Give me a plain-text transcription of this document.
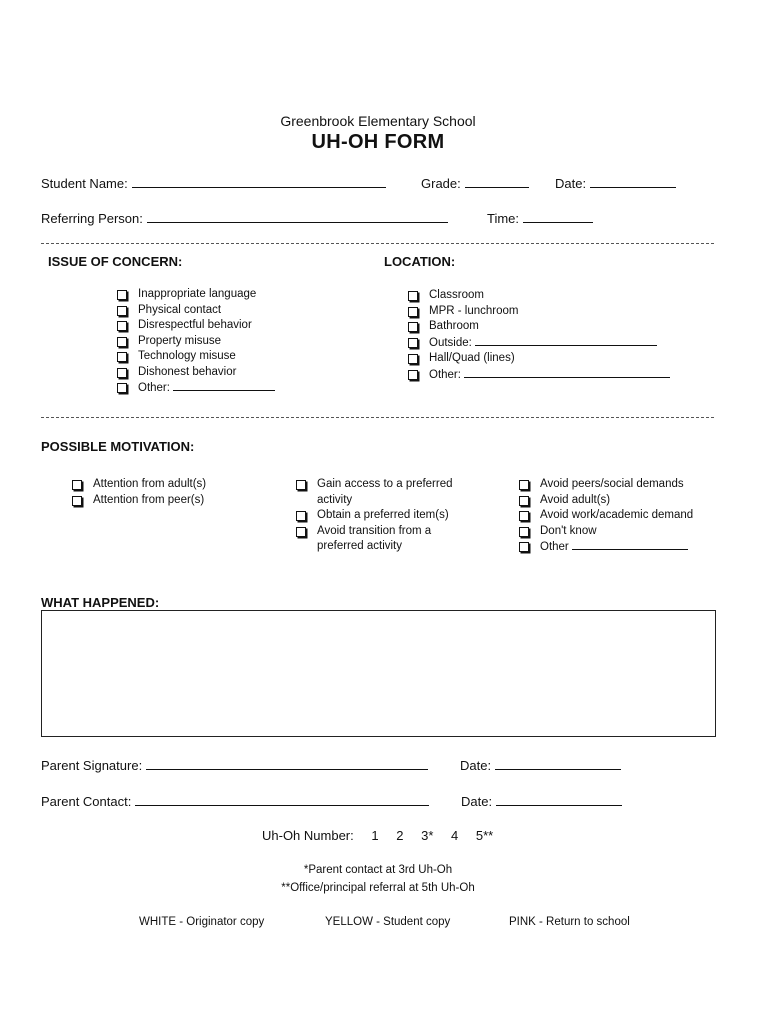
Greenbrook Elementary School
UH-OH FORM
Student Name:	Grade:	Date:
Referring Person:	Time:
ISSUE OF CONCERN:	LOCATION:
Inappropriate language
Physical contact
Disrespectful behavior
Property misuse
Technology misuse
Dishonest behavior
Other:
Classroom
MPR - lunchroom
Bathroom
Outside:
Hall/Quad (lines)
Other:
POSSIBLE MOTIVATION:
Attention from adult(s)
Attention from peer(s)
Gain access to a preferred activity
Obtain a preferred item(s)
Avoid transition from a preferred activity
Avoid peers/social demands
Avoid adult(s)
Avoid work/academic demand
Don't know
Other
WHAT HAPPENED:
Parent Signature:	Date:
Parent Contact:	Date:
Uh-Oh Number: 1 2 3* 4 5**
*Parent contact at 3rd Uh-Oh
**Office/principal referral at 5th Uh-Oh
WHITE - Originator copy	YELLOW - Student copy	PINK - Return to school
